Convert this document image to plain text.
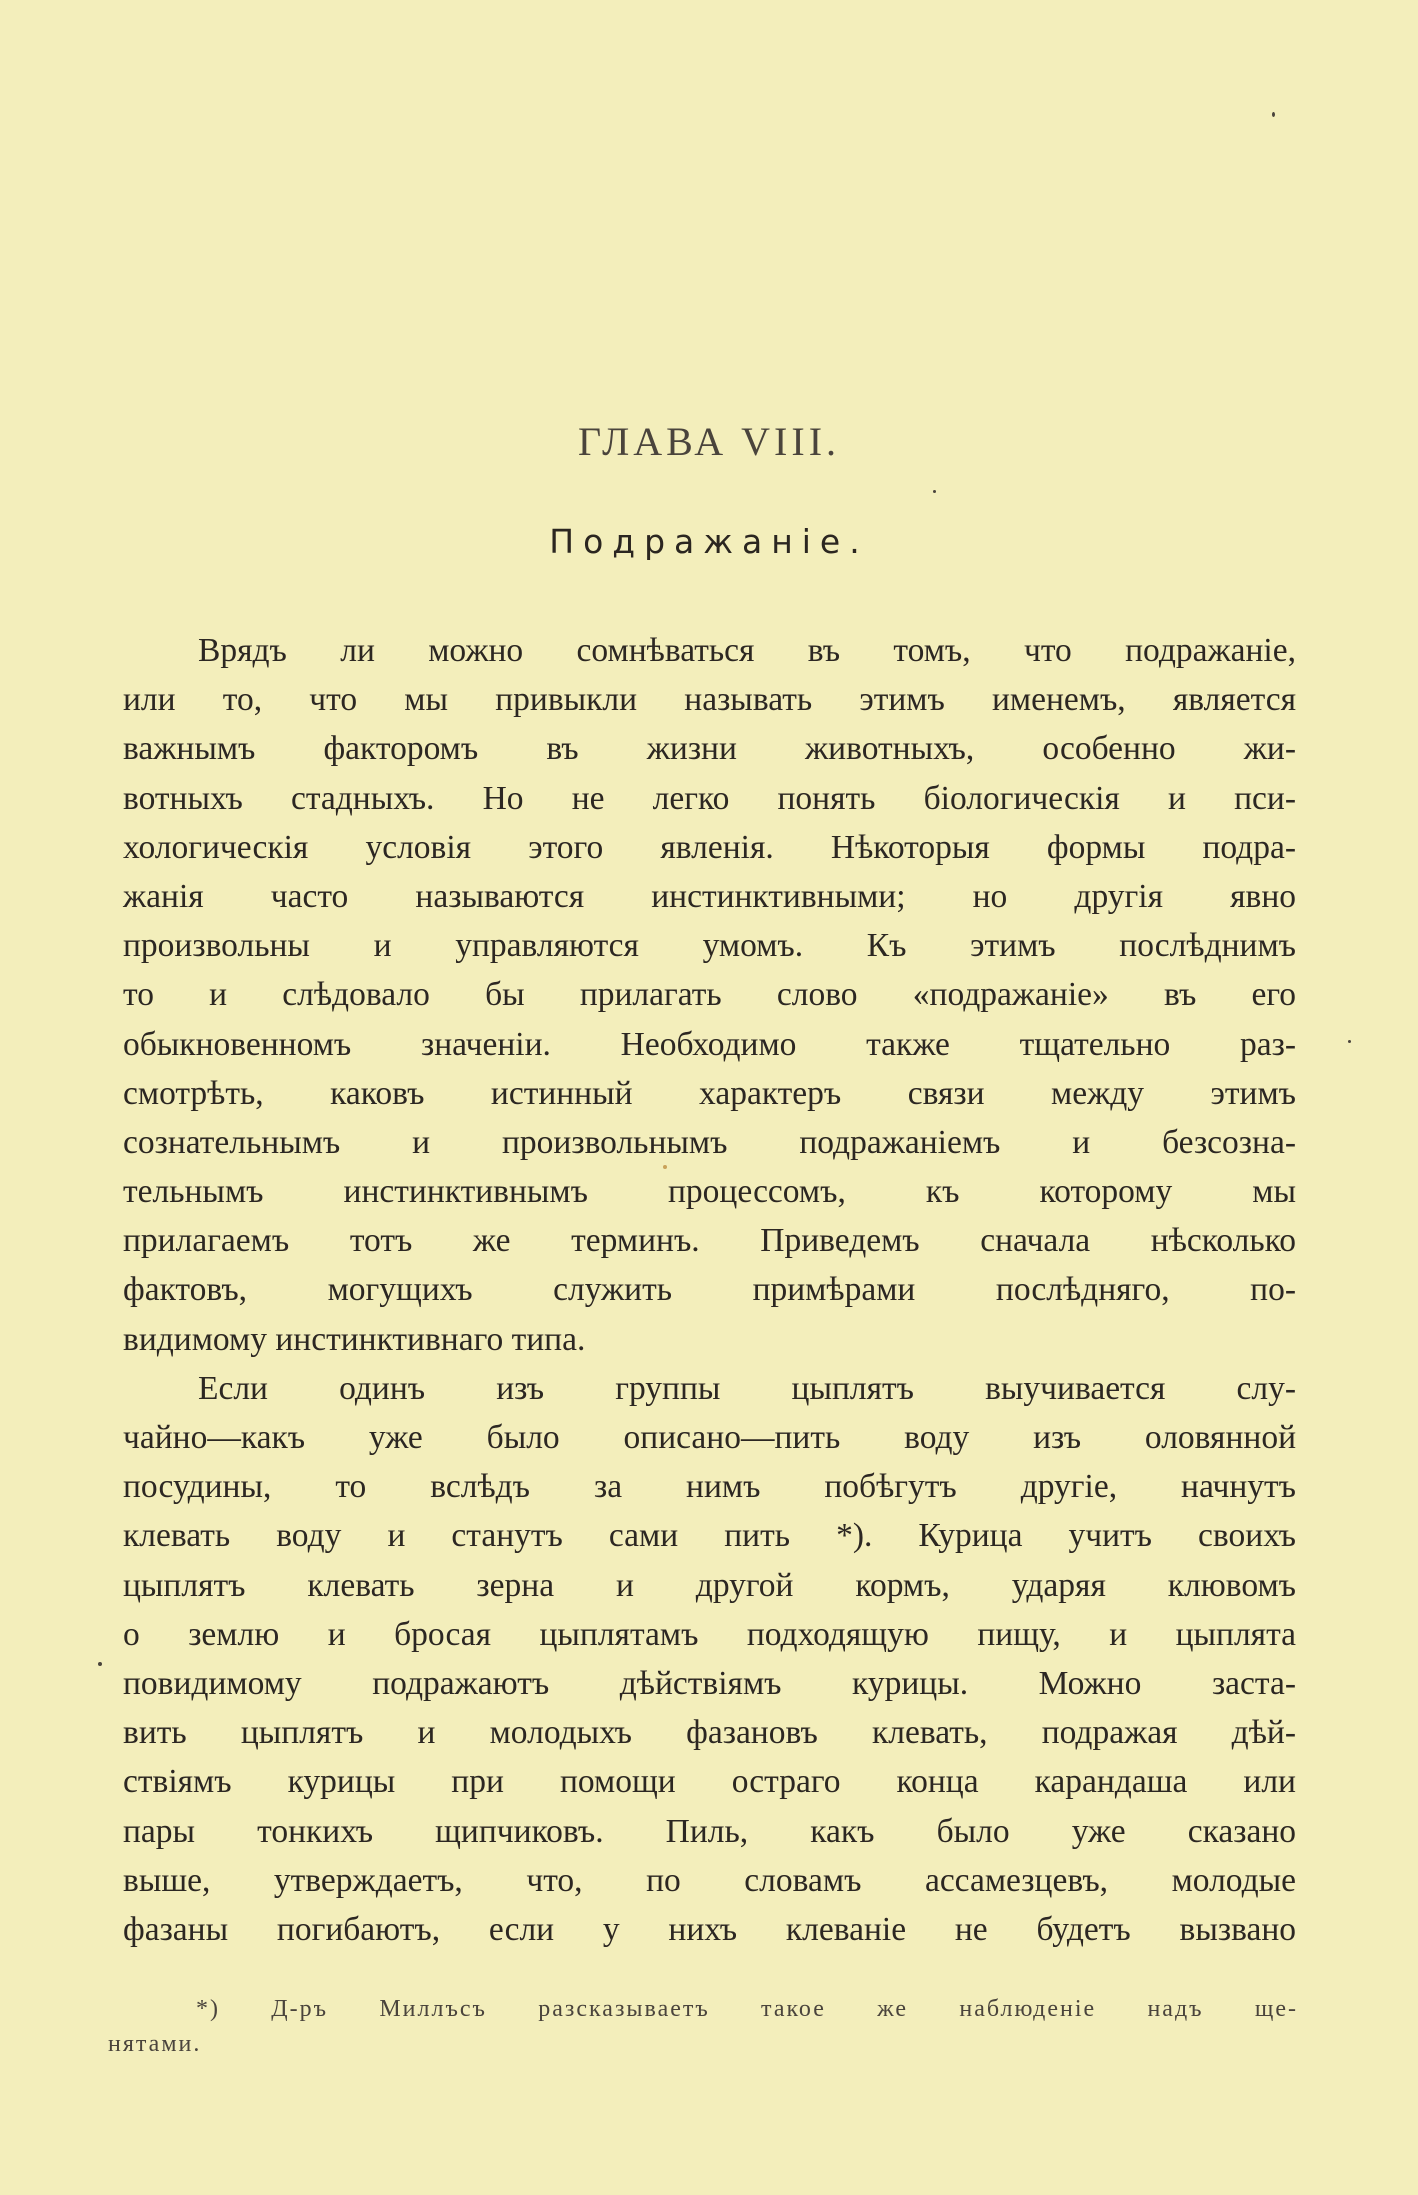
ГЛАВА VIII.
Подражаніе.
Врядъ ли можно сомнѣваться въ томъ, что подражаніе,
или то, что мы привыкли называть этимъ именемъ, является
важнымъ факторомъ въ жизни животныхъ, особенно жи-
вотныхъ стадныхъ. Но не легко понять біологическія и пси-
хологическія условія этого явленія. Нѣкоторыя формы подра-
жанія часто называются инстинктивными; но другія явно
произвольны и управляются умомъ. Къ этимъ послѣднимъ
то и слѣдовало бы прилагать слово «подражаніе» въ его
обыкновенномъ значеніи. Необходимо также тщательно раз-
смотрѣть, каковъ истинный характеръ связи между этимъ
сознательнымъ и произвольнымъ подражаніемъ и безсозна-
тельнымъ инстинктивнымъ процессомъ, къ которому мы
прилагаемъ тотъ же терминъ. Приведемъ сначала нѣсколько
фактовъ, могущихъ служить примѣрами послѣдняго, по-
видимому инстинктивнаго типа.
Если одинъ изъ группы цыплятъ выучивается слу-
чайно—какъ уже было описано—пить воду изъ оловянной
посудины, то вслѣдъ за нимъ побѣгутъ другіе, начнутъ
клевать воду и станутъ сами пить *). Курица учитъ своихъ
цыплятъ клевать зерна и другой кормъ, ударяя клювомъ
о землю и бросая цыплятамъ подходящую пищу, и цыплята
повидимому подражаютъ дѣйствіямъ курицы. Можно заста-
вить цыплятъ и молодыхъ фазановъ клевать, подражая дѣй-
ствіямъ курицы при помощи остраго конца карандаша или
пары тонкихъ щипчиковъ. Пиль, какъ было уже сказано
выше, утверждаетъ, что, по словамъ ассамезцевъ, молодые
фазаны погибаютъ, если у нихъ клеваніе не будетъ вызвано
*) Д-ръ Миллъсъ разсказываетъ такое же наблюденіе надъ ще-
нятами.
